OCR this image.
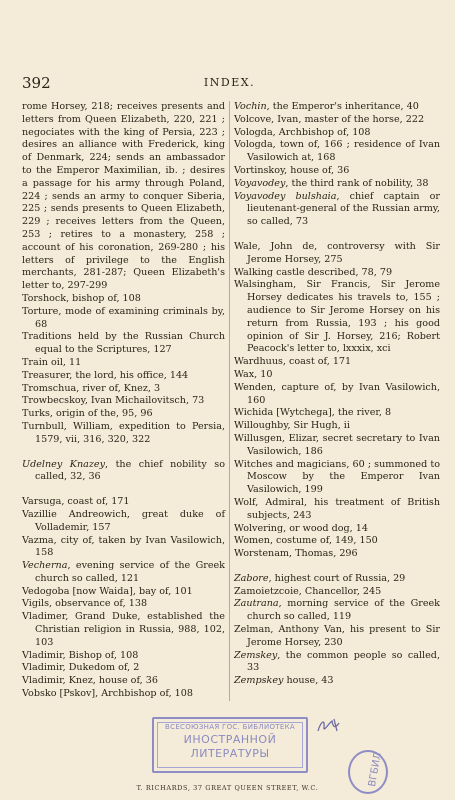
392	INDEX.

rome Horsey, 218; receives presents and letters from Queen Elizabeth, 220, 221 ; negociates with the king of Persia, 223 ; desires an alliance with Frederick, king of Denmark, 224; sends an ambassador to the Emperor Maximilian, ib. ; desires a passage for his army through Poland, 224 ; sends an army to conquer Siberia, 225 ; sends presents to Queen Elizabeth, 229 ; receives letters from the Queen, 253 ; retires to a monastery, 258 ; account of his coronation, 269-280 ; his letters of privilege to the English merchants, 281-287; Queen Elizabeth's letter to, 297-299

Torshock, bishop of, 108

Torture, mode of examining criminals by, 68

Traditions held by the Russian Church equal to the Scriptures, 127

Train oil, 11

Treasurer, the lord, his office, 144

Tromschua, river of, Knez, 3

Trowbecskoy, Ivan Michailovitsch, 73

Turks, origin of the, 95, 96

Turnbull, William, expedition to Persia, 1579, vii, 316, 320, 322

Udelney Knazey, the chief nobility so called, 32, 36

Varsuga, coast of, 171

Vazillie Andreowich, great duke of Vollademir, 157

Vazma, city of, taken by Ivan Vasilowich, 158

Vecherna, evening service of the Greek church so called, 121

Vedogoba [now Waida], bay of, 101

Vigils, observance of, 138

Vladimer, Grand Duke, established the Christian religion in Russia, 988, 102, 103

Vladimir, Bishop of, 108

Vladimir, Dukedom of, 2

Vladimir, Knez, house of, 36

Vobsko [Pskov], Archbishop of, 108

Vochin, the Emperor's inheritance, 40

Volcove, Ivan, master of the horse, 222

Vologda, Archbishop of, 108

Vologda, town of, 166 ; residence of Ivan Vasilowich at, 168

Vortinskoy, house of, 36

Voyavodey, the third rank of nobility, 38

Voyavodey bulshaia, chief captain or lieutenant-general of the Russian army, so called, 73

Wale, John de, controversy with Sir Jerome Horsey, 275

Walking castle described, 78, 79

Walsingham, Sir Francis, Sir Jerome Horsey dedicates his travels to, 155 ; audience to Sir Jerome Horsey on his return from Russia, 193 ; his good opinion of Sir J. Horsey, 216; Robert Peacock's letter to, lxxxix, xci

Wardhuus, coast of, 171

Wax, 10

Wenden, capture of, by Ivan Vasilowich, 160

Wichida [Wytchega], the river, 8

Willoughby, Sir Hugh, ii

Willusgen, Elizar, secret secretary to Ivan Vasilowich, 186

Witches and magicians, 60 ; summoned to Moscow by the Emperor Ivan Vasilowich, 199

Wolf, Admiral, his treatment of British subjects, 243

Wolvering, or wood dog, 14

Women, costume of, 149, 150

Worstenam, Thomas, 296

Zabore, highest court of Russia, 29

Zamoietzcoie, Chancellor, 245

Zautrana, morning service of the Greek church so called, 119

Zelman, Anthony Van, his present to Sir Jerome Horsey, 230

Zemskey, the common people so called, 33

Zempskey house, 43

ВСЕСОЮЗНАЯ ГОС. БИБЛИОТЕКА
ИНОСТРАННОЙ
ЛИТЕРАТУРЫ	ВГБИЛ
T. RICHARDS, 37 GREAT QUEEN STREET, W.C.
